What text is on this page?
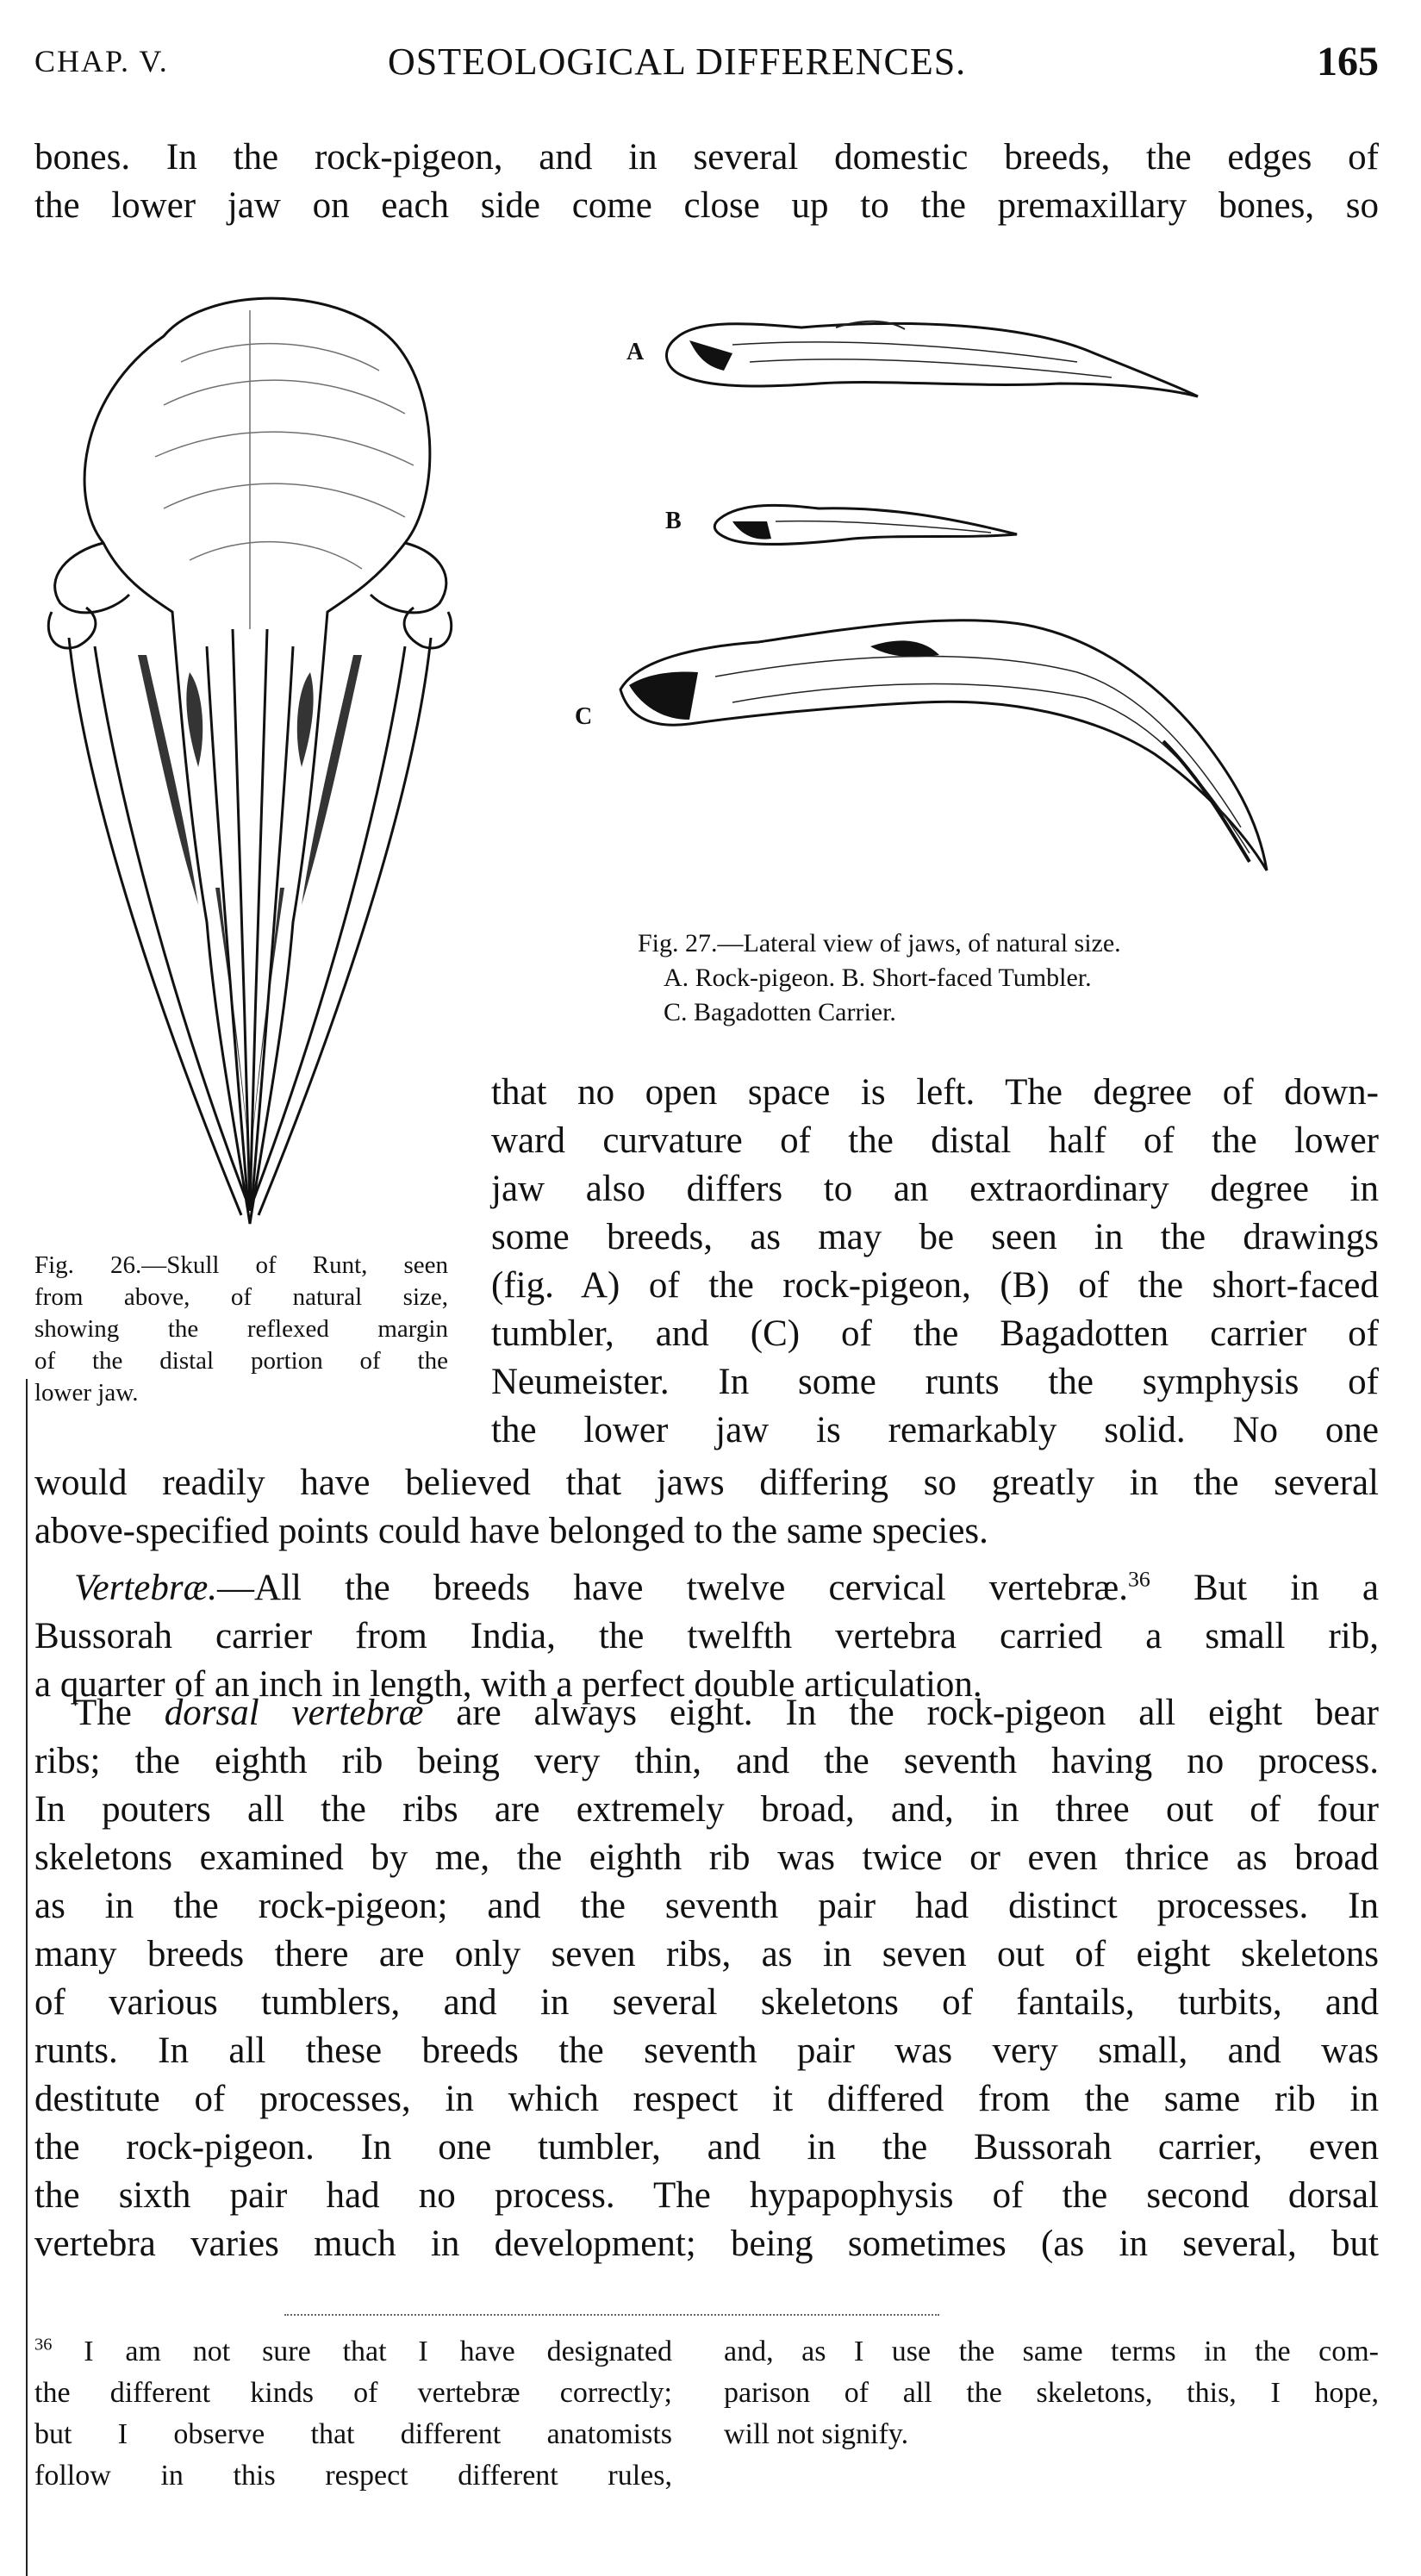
CHAP. V.	OSTEOLOGICAL DIFFERENCES.	165
bones. In the rock-pigeon, and in several domestic breeds, the edges of
the lower jaw on each side come close up to the premaxillary bones, so
A
B
C
Fig. 27.—Lateral view of jaws, of natural size.
A. Rock-pigeon. B. Short-faced Tumbler.
C. Bagadotten Carrier.
that no open space is left. The degree of down-
ward curvature of the distal half of the lower
jaw also differs to an extraordinary degree in
some breeds, as may be seen in the drawings
(fig. A) of the rock-pigeon, (B) of the short-faced
tumbler, and (C) of the Bagadotten carrier of
Neumeister. In some runts the symphysis of
the lower jaw is remarkably solid. No one
Fig. 26.—Skull of Runt, seen
from above, of natural size,
showing the reflexed margin
of the distal portion of the
lower jaw.
would readily have believed that jaws differing so greatly in the several
above-specified points could have belonged to the same species.
Vertebræ.—All the breeds have twelve cervical vertebræ.$^{36}$ But in a
Bussorah carrier from India, the twelfth vertebra carried a small rib,
a quarter of an inch in length, with a perfect double articulation.
The dorsal vertebræ are always eight. In the rock-pigeon all eight bear
ribs; the eighth rib being very thin, and the seventh having no process.
In pouters all the ribs are extremely broad, and, in three out of four
skeletons examined by me, the eighth rib was twice or even thrice as broad
as in the rock-pigeon; and the seventh pair had distinct processes. In
many breeds there are only seven ribs, as in seven out of eight skeletons
of various tumblers, and in several skeletons of fantails, turbits, and
runts. In all these breeds the seventh pair was very small, and was
destitute of processes, in which respect it differed from the same rib in
the rock-pigeon. In one tumbler, and in the Bussorah carrier, even
the sixth pair had no process. The hypapophysis of the second dorsal
vertebra varies much in development; being sometimes (as in several, but
$^{36}$ I am not sure that I have designated
the different kinds of vertebræ correctly;
but I observe that different anatomists
follow in this respect different rules,
and, as I use the same terms in the com-
parison of all the skeletons, this, I hope,
will not signify.
